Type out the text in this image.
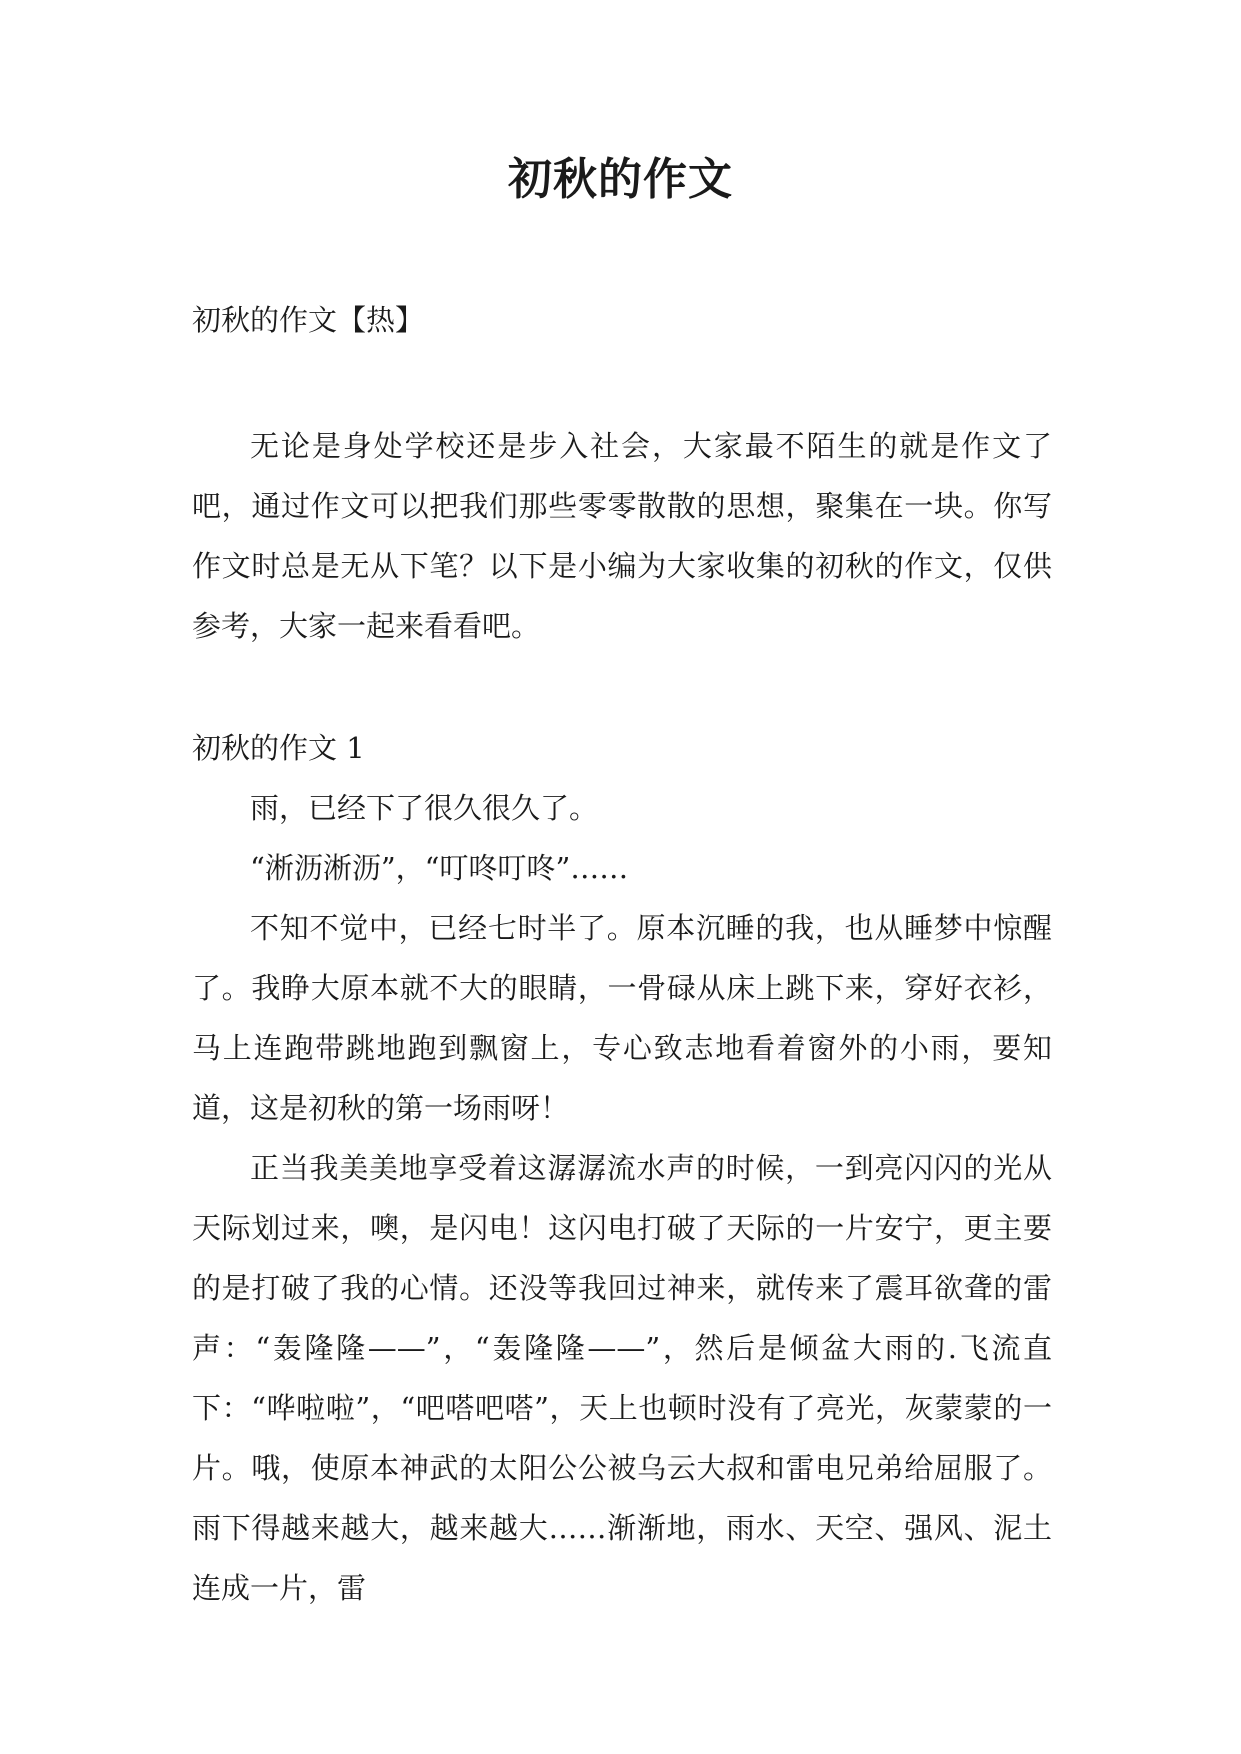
初秋的作文

初秋的作文【热】

无论是身处学校还是步入社会，大家最不陌生的就是作文了吧，通过作文可以把我们那些零零散散的思想，聚集在一块。你写作文时总是无从下笔？以下是小编为大家收集的初秋的作文，仅供参考，大家一起来看看吧。

初秋的作文 1

雨，已经下了很久很久了。

“淅沥淅沥”，“叮咚叮咚”……

不知不觉中，已经七时半了。原本沉睡的我，也从睡梦中惊醒了。我睁大原本就不大的眼睛，一骨碌从床上跳下来，穿好衣衫，马上连跑带跳地跑到飘窗上，专心致志地看着窗外的小雨，要知道，这是初秋的第一场雨呀！

正当我美美地享受着这潺潺流水声的时候，一到亮闪闪的光从天际划过来，噢，是闪电！这闪电打破了天际的一片安宁，更主要的是打破了我的心情。还没等我回过神来，就传来了震耳欲聋的雷声：“轰隆隆——”，“轰隆隆——”，然后是倾盆大雨的.飞流直下：“哗啦啦”，“吧嗒吧嗒”，天上也顿时没有了亮光，灰蒙蒙的一片。哦，使原本神武的太阳公公被乌云大叔和雷电兄弟给屈服了。雨下得越来越大，越来越大……渐渐地，雨水、天空、强风、泥土连成一片，雷
